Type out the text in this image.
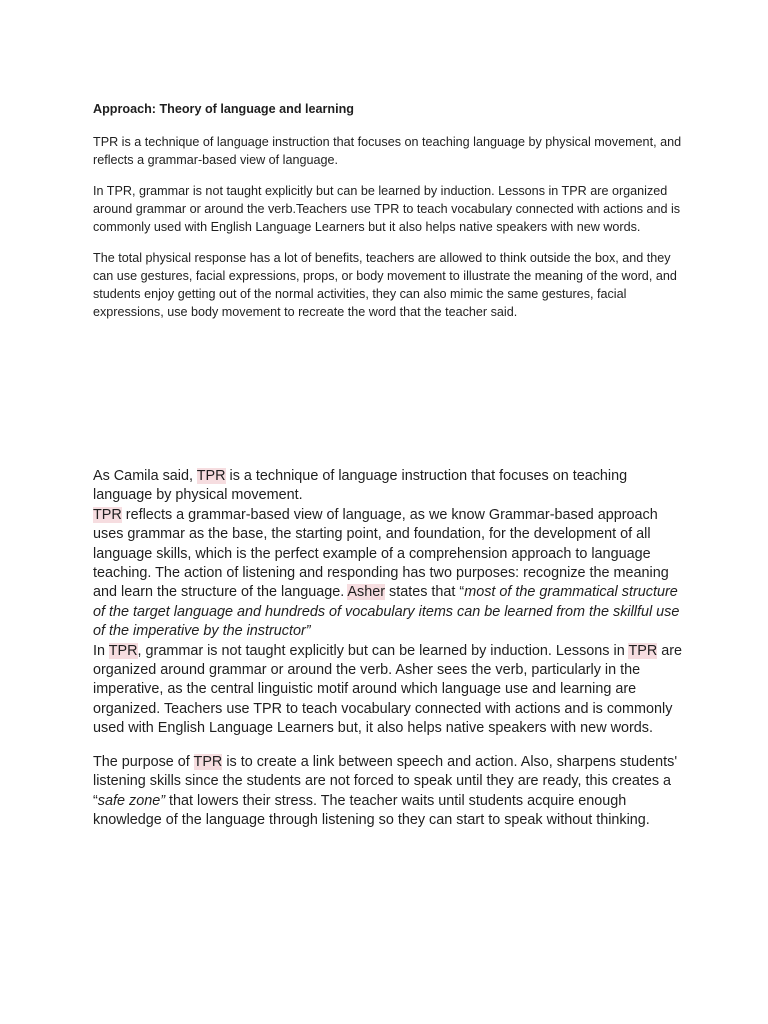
Approach: Theory of language and learning

TPR is a technique of language instruction that focuses on teaching language by physical movement, and reflects a grammar-based view of language.

In TPR, grammar is not taught explicitly but can be learned by induction. Lessons in TPR are organized around grammar or around the verb.Teachers use TPR to teach vocabulary connected with actions and is commonly used with English Language Learners but it also helps native speakers with new words.

The total physical response has a lot of benefits, teachers are allowed to think outside the box, and they can use gestures, facial expressions, props, or body movement to illustrate the meaning of the word, and students enjoy getting out of the normal activities, they can also mimic the same gestures, facial expressions, use body movement to recreate the word that the teacher said.

As Camila said, TPR is a technique of language instruction that focuses on teaching language by physical movement.
TPR reflects a grammar-based view of language, as we know Grammar-based approach uses grammar as the base, the starting point, and foundation, for the development of all language skills, which is the perfect example of a comprehension approach to language teaching. The action of listening and responding has two purposes: recognize the meaning and learn the structure of the language. Asher states that “most of the grammatical structure of the target language and hundreds of vocabulary items can be learned from the skillful use of the imperative by the instructor”
In TPR, grammar is not taught explicitly but can be learned by induction. Lessons in TPR are organized around grammar or around the verb. Asher sees the verb, particularly in the imperative, as the central linguistic motif around which language use and learning are organized. Teachers use TPR to teach vocabulary connected with actions and is commonly used with English Language Learners but, it also helps native speakers with new words.

The purpose of TPR is to create a link between speech and action. Also, sharpens students' listening skills since the students are not forced to speak until they are ready, this creates a “safe zone” that lowers their stress. The teacher waits until students acquire enough knowledge of the language through listening so they can start to speak without thinking.
